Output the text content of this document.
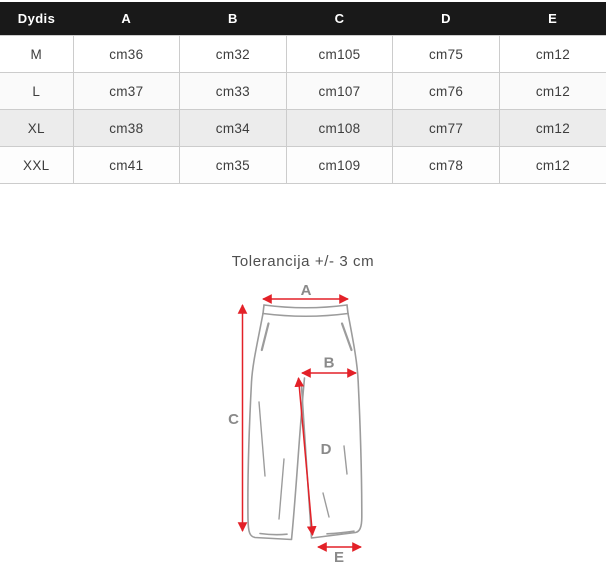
Dydis	A	B	C	D	E
M	cm36	cm32	cm105	cm75	cm12
L	cm37	cm33	cm107	cm76	cm12
XL	cm38	cm34	cm108	cm77	cm12
XXL	cm41	cm35	cm109	cm78	cm12
Tolerancija +/- 3 cm
A
B
C
D
E
